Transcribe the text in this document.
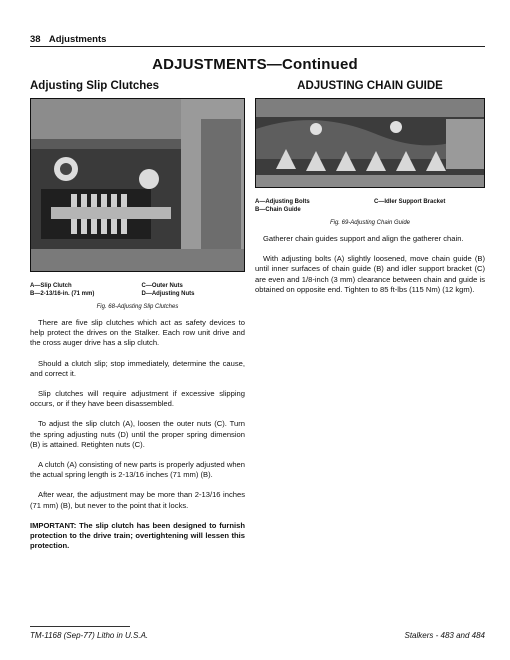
38 Adjustments
ADJUSTMENTS—Continued
Adjusting Slip Clutches
A—Slip Clutch	C—Outer Nuts
B—2-13/16-in. (71 mm)	D—Adjusting Nuts
Fig. 68-Adjusting Slip Clutches

There are five slip clutches which act as safety devices to help protect the drives on the Stalker. Each row unit drive and the cross auger drive has a slip clutch.

Should a clutch slip; stop immediately, determine the cause, and correct it.

Slip clutches will require adjustment if excessive slipping occurs, or if they have been disassembled.

To adjust the slip clutch (A), loosen the outer nuts (C). Turn the spring adjusting nuts (D) until the proper spring dimension (B) is attained. Retighten nuts (C).

A clutch (A) consisting of new parts is properly adjusted when the actual spring length is 2-13/16 inches (71 mm) (B).

After wear, the adjustment may be more than 2-13/16 inches (71 mm) (B), but never to the point that it locks.

IMPORTANT: The slip clutch has been designed to furnish protection to the drive train; overtightening will lessen this protection.

ADJUSTING CHAIN GUIDE
A—Adjusting Bolts	C—Idler Support Bracket
B—Chain Guide
Fig. 69-Adjusting Chain Guide

Gatherer chain guides support and align the gatherer chain.

With adjusting bolts (A) slightly loosened, move chain guide (B) until inner surfaces of chain guide (B) and idler support bracket (C) are even and 1/8-inch (3 mm) clearance between chain and guide is obtained on opposite end. Tighten to 85 ft-lbs (115 Nm) (12 kgm).

TM-1168 (Sep-77) Litho in U.S.A.	Stalkers - 483 and 484
